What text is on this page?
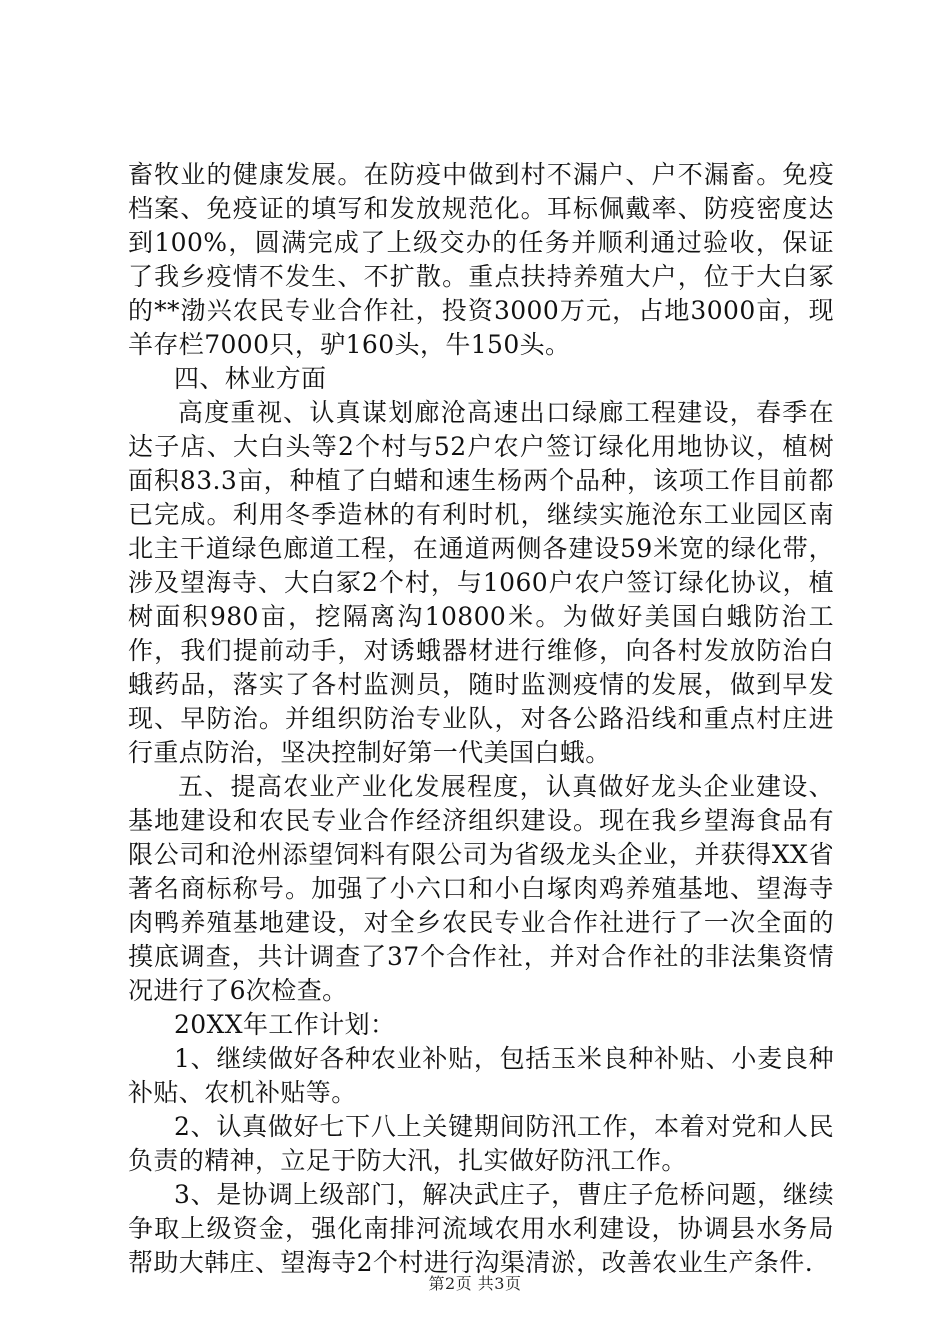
畜牧业的健康发展。在防疫中做到村不漏户、户不漏畜。免疫档案、免疫证的填写和发放规范化。耳标佩戴率、防疫密度达到100%，圆满完成了上级交办的任务并顺利通过验收，保证了我乡疫情不发生、不扩散。重点扶持养殖大户，位于大白冢的**渤兴农民专业合作社，投资3000万元，占地3000亩，现羊存栏7000只，驴160头，牛150头。

四、林业方面

高度重视、认真谋划廊沧高速出口绿廊工程建设，春季在达子店、大白头等2个村与52户农户签订绿化用地协议，植树面积83.3亩，种植了白蜡和速生杨两个品种，该项工作目前都已完成。利用冬季造林的有利时机，继续实施沧东工业园区南北主干道绿色廊道工程，在通道两侧各建设59米宽的绿化带，涉及望海寺、大白冢2个村，与1060户农户签订绿化协议，植树面积980亩，挖隔离沟10800米。为做好美国白蛾防治工作，我们提前动手，对诱蛾器材进行维修，向各村发放防治白蛾药品，落实了各村监测员，随时监测疫情的发展，做到早发现、早防治。并组织防治专业队，对各公路沿线和重点村庄进行重点防治，坚决控制好第一代美国白蛾。

五、提高农业产业化发展程度，认真做好龙头企业建设、基地建设和农民专业合作经济组织建设。现在我乡望海食品有限公司和沧州添望饲料有限公司为省级龙头企业，并获得XX省著名商标称号。加强了小六口和小白塚肉鸡养殖基地、望海寺肉鸭养殖基地建设，对全乡农民专业合作社进行了一次全面的摸底调查，共计调查了37个合作社，并对合作社的非法集资情况进行了6次检查。

20XX年工作计划：

1、继续做好各种农业补贴，包括玉米良种补贴、小麦良种补贴、农机补贴等。

2、认真做好七下八上关键期间防汛工作，本着对党和人民负责的精神，立足于防大汛，扎实做好防汛工作。

3、是协调上级部门，解决武庄子，曹庄子危桥问题，继续争取上级资金，强化南排河流域农用水利建设，协调县水务局帮助大韩庄、望海寺2个村进行沟渠清淤，改善农业生产条件.

第2页 共3页
